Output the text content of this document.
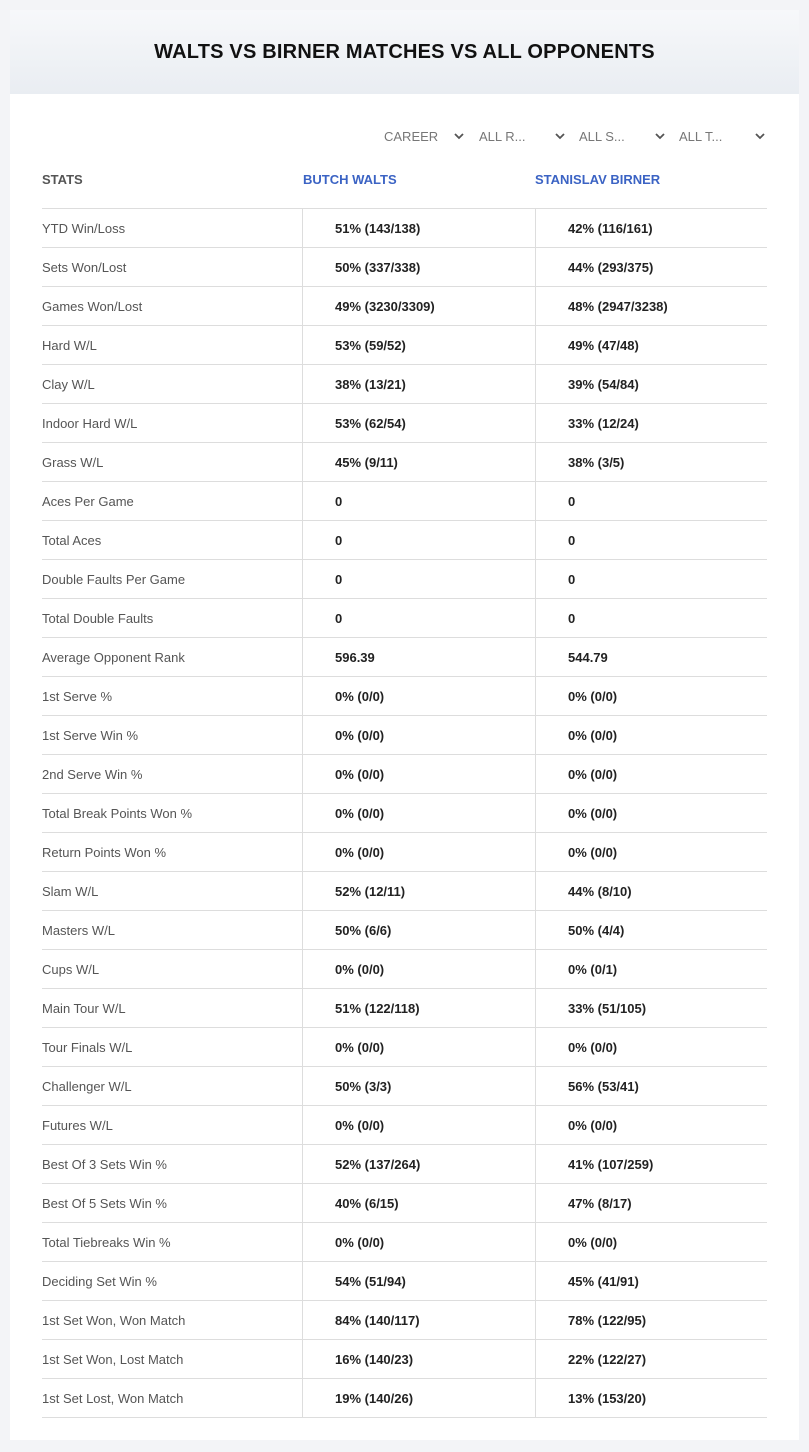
WALTS VS BIRNER MATCHES VS ALL OPPONENTS
CAREER	ALL R...	ALL S...	ALL T...
STATS	BUTCH WALTS	STANISLAV BIRNER
YTD Win/Loss	51% (143/138)	42% (116/161)
Sets Won/Lost	50% (337/338)	44% (293/375)
Games Won/Lost	49% (3230/3309)	48% (2947/3238)
Hard W/L	53% (59/52)	49% (47/48)
Clay W/L	38% (13/21)	39% (54/84)
Indoor Hard W/L	53% (62/54)	33% (12/24)
Grass W/L	45% (9/11)	38% (3/5)
Aces Per Game	0	0
Total Aces	0	0
Double Faults Per Game	0	0
Total Double Faults	0	0
Average Opponent Rank	596.39	544.79
1st Serve %	0% (0/0)	0% (0/0)
1st Serve Win %	0% (0/0)	0% (0/0)
2nd Serve Win %	0% (0/0)	0% (0/0)
Total Break Points Won %	0% (0/0)	0% (0/0)
Return Points Won %	0% (0/0)	0% (0/0)
Slam W/L	52% (12/11)	44% (8/10)
Masters W/L	50% (6/6)	50% (4/4)
Cups W/L	0% (0/0)	0% (0/1)
Main Tour W/L	51% (122/118)	33% (51/105)
Tour Finals W/L	0% (0/0)	0% (0/0)
Challenger W/L	50% (3/3)	56% (53/41)
Futures W/L	0% (0/0)	0% (0/0)
Best Of 3 Sets Win %	52% (137/264)	41% (107/259)
Best Of 5 Sets Win %	40% (6/15)	47% (8/17)
Total Tiebreaks Win %	0% (0/0)	0% (0/0)
Deciding Set Win %	54% (51/94)	45% (41/91)
1st Set Won, Won Match	84% (140/117)	78% (122/95)
1st Set Won, Lost Match	16% (140/23)	22% (122/27)
1st Set Lost, Won Match	19% (140/26)	13% (153/20)
